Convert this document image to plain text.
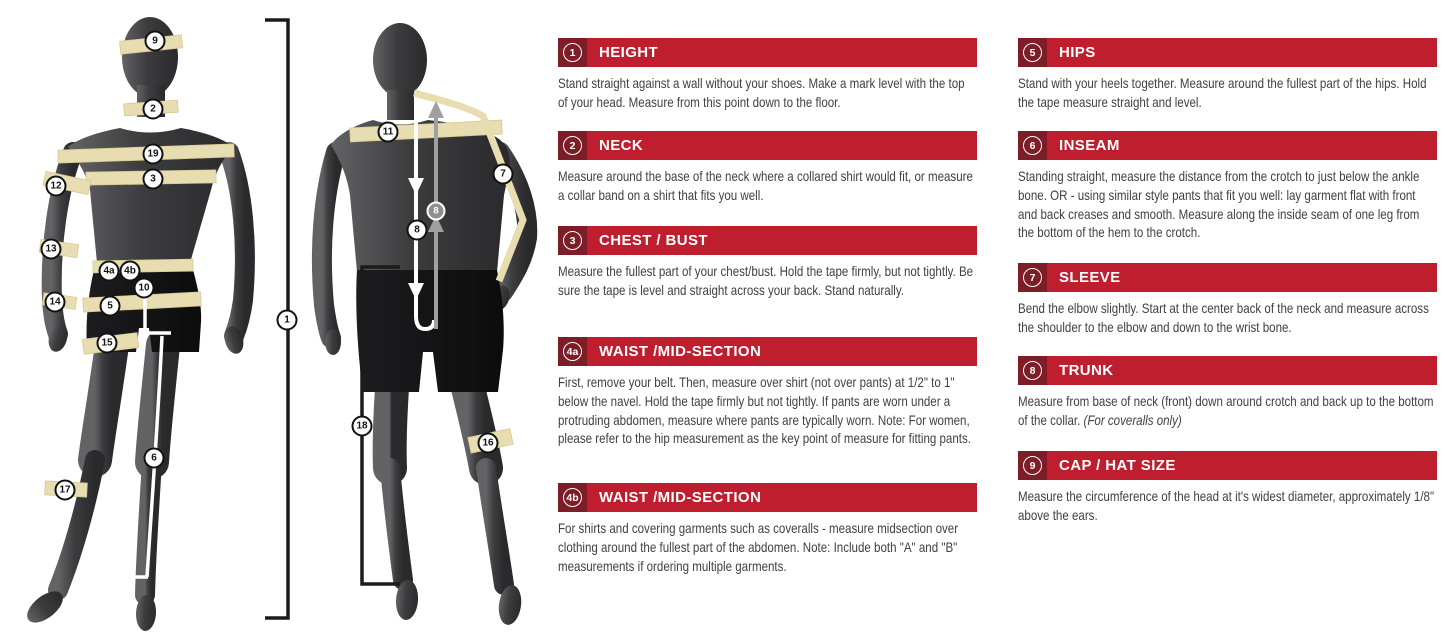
9
2
19
3
12
13
4a 4b
10
14	5
15
6
17
1
11
7
8
8
18
16
1	HEIGHT

Stand straight against a wall without your shoes. Make a mark level with the top of your head. Measure from this point down to the floor.

2	NECK

Measure around the base of the neck where a collared shirt would fit, or measure a collar band on a shirt that fits you well.

3	CHEST / BUST

Measure the fullest part of your chest/bust. Hold the tape firmly, but not tightly. Be sure the tape is level and straight across your back. Stand naturally.

4a WAIST /MID-SECTION

First, remove your belt. Then, measure over shirt (not over pants) at 1/2" to 1" below the navel. Hold the tape firmly but not tightly. If pants are worn under a protruding abdomen, measure where pants are typically worn. Note: For women, please refer to the hip measurement as the key point of measure for fitting pants.

4b WAIST /MID-SECTION

For shirts and covering garments such as coveralls - measure midsection over clothing around the fullest part of the abdomen. Note: Include both "A" and "B" measurements if ordering multiple garments.

5	HIPS

Stand with your heels together. Measure around the fullest part of the hips. Hold the tape measure straight and level.

6	INSEAM

Standing straight, measure the distance from the crotch to just below the ankle bone. OR - using similar style pants that fit you well: lay garment flat with front and back creases and smooth. Measure along the inside seam of one leg from the bottom of the hem to the crotch.

7	SLEEVE

Bend the elbow slightly. Start at the center back of the neck and measure across the shoulder to the elbow and down to the wrist bone.

8	TRUNK

Measure from base of neck (front) down around crotch and back up to the bottom of the collar. (For coveralls only)

9	CAP / HAT SIZE

Measure the circumference of the head at it's widest diameter, approximately 1/8" above the ears.
